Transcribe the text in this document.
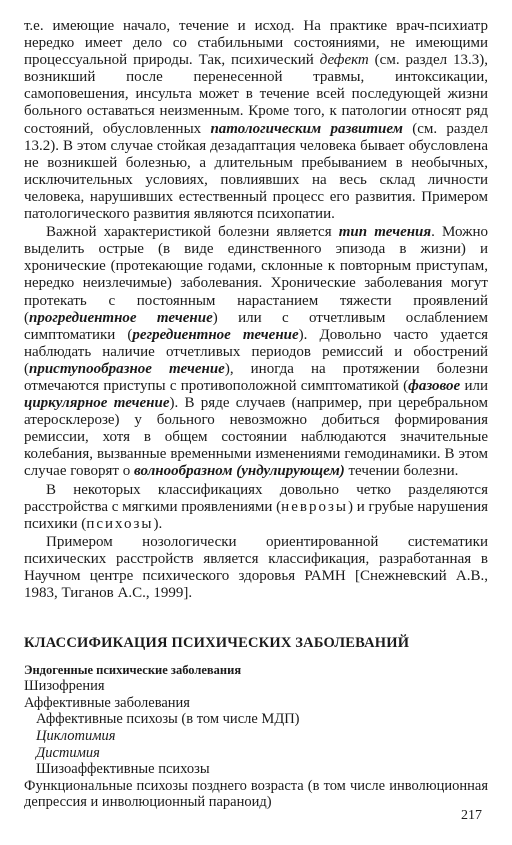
т.е. имеющие начало, течение и исход. На практике врач-психиатр нередко имеет дело со стабильными состояниями, не имеющими процессуальной природы. Так, психический дефект (см. раздел 13.3), возникший после перенесенной травмы, интоксикации, самоповешения, инсульта может в течение всей последующей жизни больного оставаться неизменным. Кроме того, к патологии относят ряд состояний, обусловленных патологическим развитием (см. раздел 13.2). В этом случае стойкая дезадаптация человека бывает обусловлена не возникшей болезнью, а длительным пребыванием в необычных, исключительных условиях, повлиявших на весь склад личности человека, нарушивших естественный процесс его развития. Примером патологического развития являются психопатии.

Важной характеристикой болезни является тип течения. Можно выделить острые (в виде единственного эпизода в жизни) и хронические (протекающие годами, склонные к повторным приступам, нередко неизлечимые) заболевания. Хронические заболевания могут протекать с постоянным нарастанием тяжести проявлений (прогредиентное течение) или с отчетливым ослаблением симптоматики (регредиентное течение). Довольно часто удается наблюдать наличие отчетливых периодов ремиссий и обострений (приступообразное течение), иногда на протяжении болезни отмечаются приступы с противоположной симптоматикой (фазовое или циркулярное течение). В ряде случаев (например, при церебральном атеросклерозе) у больного невозможно добиться формирования ремиссии, хотя в общем состоянии наблюдаются значительные колебания, вызванные временными изменениями гемодинамики. В этом случае говорят о волнообразном (ундулирующем) течении болезни.

В некоторых классификациях довольно четко разделяются расстройства с мягкими проявлениями (неврозы) и грубые нарушения психики (психозы).

Примером нозологически ориентированной систематики психических расстройств является классификация, разработанная в Научном центре психического здоровья РАМН [Снежневский А.В., 1983, Тиганов А.С., 1999].

КЛАССИФИКАЦИЯ ПСИХИЧЕСКИХ ЗАБОЛЕВАНИЙ
Эндогенные психические заболевания
Шизофрения
Аффективные заболевания
Аффективные психозы (в том числе МДП)
Циклотимия
Дистимия
Шизоаффективные психозы
Функциональные психозы позднего возраста (в том числе инволюционная депрессия и инволюционный параноид)
217
